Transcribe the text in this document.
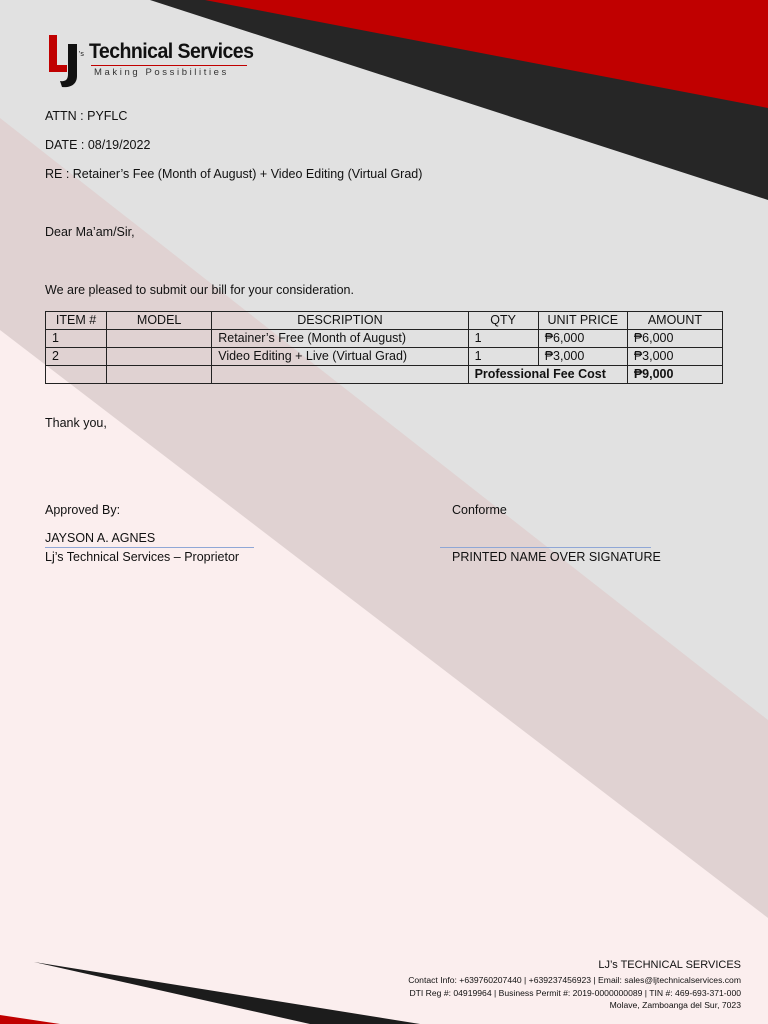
's Technical Services
Making Possibilities
ATTN : PYFLC
DATE : 08/19/2022
RE : Retainer’s Fee (Month of August) + Video Editing (Virtual Grad)
Dear Ma’am/Sir,
We are pleased to submit our bill for your consideration.
ITEM #	MODEL	DESCRIPTION	QTY	UNIT PRICE	AMOUNT
1		Retainer’s Free (Month of August)	1	₱6,000	₱6,000
2		Video Editing + Live (Virtual Grad)	1	₱3,000	₱3,000
			Professional Fee Cost		₱9,000
Thank you,
Approved By:
JAYSON A. AGNES
Lj’s Technical Services – Proprietor
Conforme
PRINTED NAME OVER SIGNATURE
LJ’s TECHNICAL SERVICES
Contact Info: +639760207440 | +639237456923 | Email: sales@ljtechnicalservices.com
DTI Reg #: 04919964 | Business Permit #: 2019-0000000089 | TIN #: 469-693-371-000
Molave, Zamboanga del Sur, 7023
